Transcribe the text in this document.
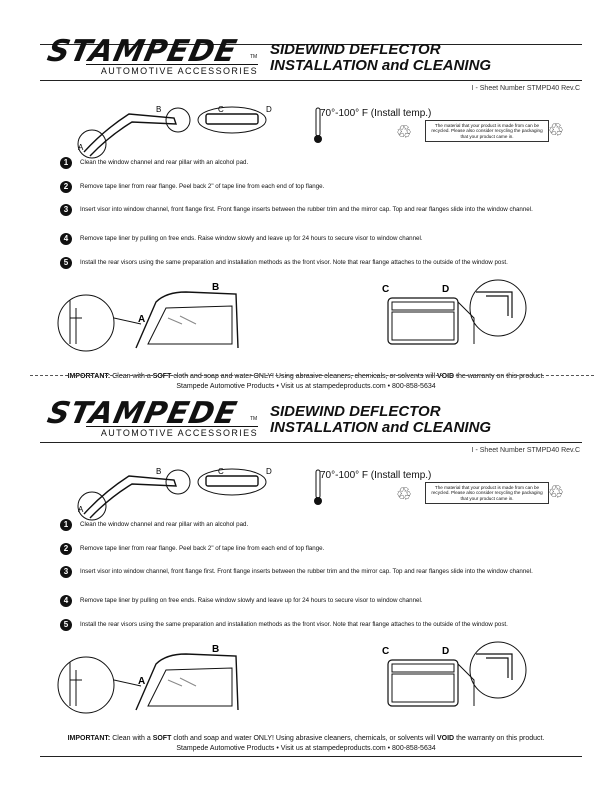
STAMPEDE TM
AUTOMOTIVE ACCESSORIES
SIDEWIND DEFLECTOR
INSTALLATION and CLEANING
I - Sheet Number STMPD40 Rev.C
A
B	C	D	70°-100° F (Install temp.)
♲	The material that your product is made from can be recycled. Please also consider recycling the packaging that your product came in.	♲
1	Clean the window channel and rear pillar with an alcohol pad.
2	Remove tape liner from rear flange. Peel back 2" of tape line from each end of top flange.
3	Insert visor into window channel, front flange first. Front flange inserts between the rubber trim and the mirror cap. Top and rear flanges slide into the window channel.
4	Remove tape liner by pulling on free ends. Raise window slowly and leave up for 24 hours to secure visor to window channel.
5	Install the rear visors using the same preparation and installation methods as the front visor. Note that rear flange attaches to the outside of the window post.
A
B	C	D
IMPORTANT: Clean with a SOFT cloth and soap and water ONLY! Using abrasive cleaners, chemicals, or solvents will VOID the warranty on this product.
Stampede Automotive Products • Visit us at stampedeproducts.com • 800-858-5634
STAMPEDE TM
AUTOMOTIVE ACCESSORIES
SIDEWIND DEFLECTOR
INSTALLATION and CLEANING
I - Sheet Number STMPD40 Rev.C
A
B	C	D	70°-100° F (Install temp.)
♲	The material that your product is made from can be recycled. Please also consider recycling the packaging that your product came in.	♲
1	Clean the window channel and rear pillar with an alcohol pad.
2	Remove tape liner from rear flange. Peel back 2" of tape line from each end of top flange.
3	Insert visor into window channel, front flange first. Front flange inserts between the rubber trim and the mirror cap. Top and rear flanges slide into the window channel.
4	Remove tape liner by pulling on free ends. Raise window slowly and leave up for 24 hours to secure visor to window channel.
5	Install the rear visors using the same preparation and installation methods as the front visor. Note that rear flange attaches to the outside of the window post.
A
B	C	D
IMPORTANT: Clean with a SOFT cloth and soap and water ONLY! Using abrasive cleaners, chemicals, or solvents will VOID the warranty on this product.
Stampede Automotive Products • Visit us at stampedeproducts.com • 800-858-5634
